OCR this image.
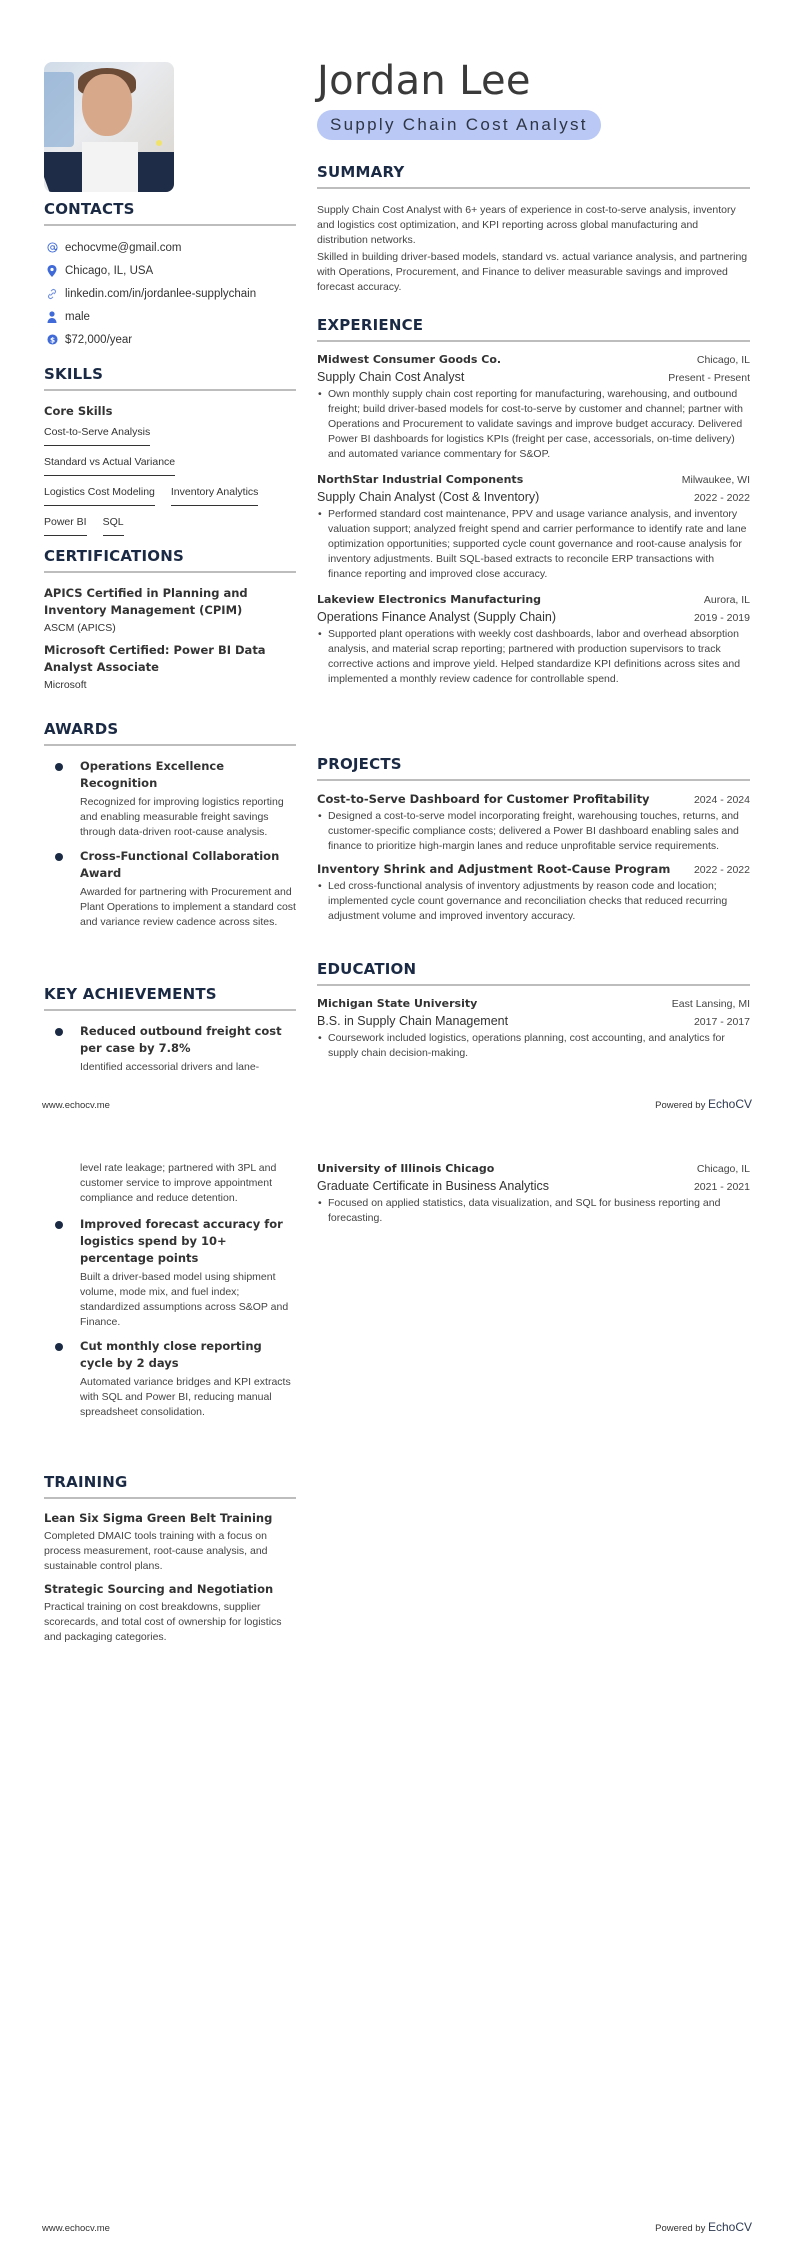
Jordan Lee
Supply Chain Cost Analyst
CONTACTS
echocvme@gmail.com
Chicago, IL, USA
linkedin.com/in/jordanlee-supplychain
male
$ $72,000/year
SKILLS
Core Skills
Cost-to-Serve Analysis
Standard vs Actual Variance
Logistics Cost Modeling Inventory Analytics
Power BI SQL
CERTIFICATIONS
APICS Certified in Planning and Inventory Management (CPIM)
ASCM (APICS)
Microsoft Certified: Power BI Data Analyst Associate
Microsoft
AWARDS
Operations Excellence Recognition
Recognized for improving logistics reporting and enabling measurable freight savings through data-driven root-cause analysis.
Cross-Functional Collaboration Award
Awarded for partnering with Procurement and Plant Operations to implement a standard cost and variance review cadence across sites.
KEY ACHIEVEMENTS
Reduced outbound freight cost per case by 7.8%
Identified accessorial drivers and lane-
SUMMARY

Supply Chain Cost Analyst with 6+ years of experience in cost-to-serve analysis, inventory and logistics cost optimization, and KPI reporting across global manufacturing and distribution networks.

Skilled in building driver-based models, standard vs. actual variance analysis, and partnering with Operations, Procurement, and Finance to deliver measurable savings and improved forecast accuracy.

EXPERIENCE
Midwest Consumer Goods Co.	Chicago, IL
Supply Chain Cost Analyst	Present - Present
• Own monthly supply chain cost reporting for manufacturing, warehousing, and outbound freight; build driver-based models for cost-to-serve by customer and channel; partner with Operations and Procurement to validate savings and improve budget accuracy. Delivered Power BI dashboards for logistics KPIs (freight per case, accessorials, on-time delivery) and automated variance commentary for S&OP.
NorthStar Industrial Components	Milwaukee, WI
Supply Chain Analyst (Cost & Inventory)	2022 - 2022
• Performed standard cost maintenance, PPV and usage variance analysis, and inventory valuation support; analyzed freight spend and carrier performance to identify rate and lane optimization opportunities; supported cycle count governance and root-cause analysis for inventory adjustments. Built SQL-based extracts to reconcile ERP transactions with finance reporting and improved close accuracy.
Lakeview Electronics Manufacturing	Aurora, IL
Operations Finance Analyst (Supply Chain)	2019 - 2019
• Supported plant operations with weekly cost dashboards, labor and overhead absorption analysis, and material scrap reporting; partnered with production supervisors to track corrective actions and improve yield. Helped standardize KPI definitions across sites and implemented a monthly review cadence for controllable spend.
PROJECTS
Cost-to-Serve Dashboard for Customer Profitability	2024 - 2024
• Designed a cost-to-serve model incorporating freight, warehousing touches, returns, and customer-specific compliance costs; delivered a Power BI dashboard enabling sales and finance to prioritize high-margin lanes and reduce unprofitable service requirements.
Inventory Shrink and Adjustment Root-Cause Program 2022 - 2022
• Led cross-functional analysis of inventory adjustments by reason code and location; implemented cycle count governance and reconciliation checks that reduced recurring adjustment volume and improved inventory accuracy.
EDUCATION
Michigan State University	East Lansing, MI
B.S. in Supply Chain Management	2017 - 2017
• Coursework included logistics, operations planning, cost accounting, and analytics for supply chain decision-making.
www.echocv.me	Powered by EchoCV
level rate leakage; partnered with 3PL and customer service to improve appointment compliance and reduce detention.
Improved forecast accuracy for logistics spend by 10+ percentage points
Built a driver-based model using shipment volume, mode mix, and fuel index; standardized assumptions across S&OP and Finance.
Cut monthly close reporting cycle by 2 days
Automated variance bridges and KPI extracts with SQL and Power BI, reducing manual spreadsheet consolidation.
TRAINING
Lean Six Sigma Green Belt Training
Completed DMAIC tools training with a focus on process measurement, root-cause analysis, and sustainable control plans.
Strategic Sourcing and Negotiation
Practical training on cost breakdowns, supplier scorecards, and total cost of ownership for logistics and packaging categories.
University of Illinois Chicago	Chicago, IL
Graduate Certificate in Business Analytics	2021 - 2021
• Focused on applied statistics, data visualization, and SQL for business reporting and forecasting.
www.echocv.me	Powered by EchoCV
